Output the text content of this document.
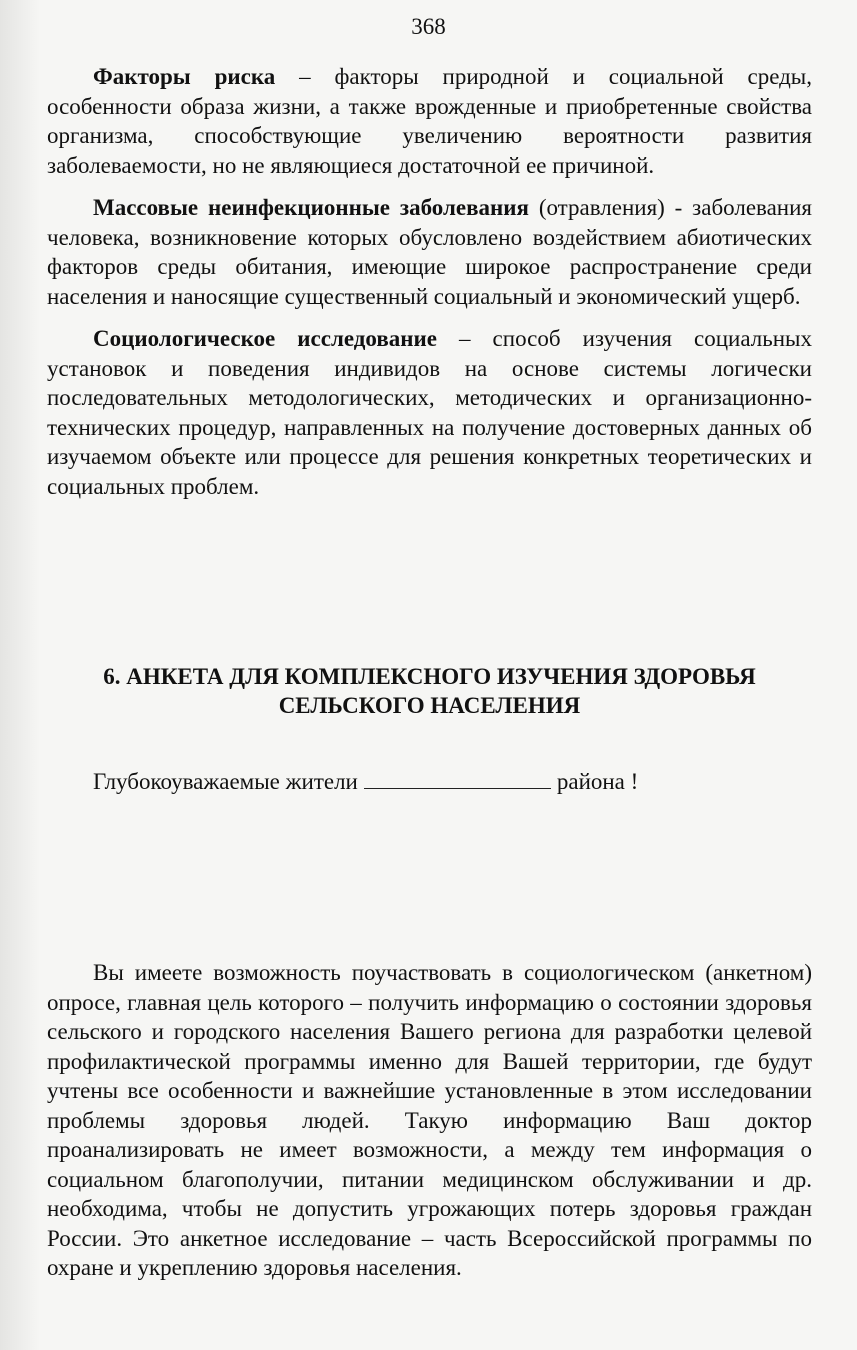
368

Факторы риска – факторы природной и социальной среды, особенности образа жизни, а также врожденные и приобретенные свойства организма, способствующие увеличению вероятности развития заболеваемости, но не являющиеся достаточной ее причиной.

Массовые неинфекционные заболевания (отравления) - заболевания человека, возникновение которых обусловлено воздействием абиотических факторов среды обитания, имеющие широкое распространение среди населения и наносящие существенный социальный и экономический ущерб.

Социологическое исследование – способ изучения социальных установок и поведения индивидов на основе системы логически последовательных методологических, методических и организационно-технических процедур, направленных на получение достоверных данных об изучаемом объекте или процессе для решения конкретных теоретических и социальных проблем.

6. АНКЕТА ДЛЯ КОМПЛЕКСНОГО ИЗУЧЕНИЯ ЗДОРОВЬЯ
СЕЛЬСКОГО НАСЕЛЕНИЯ
Глубокоуважаемые жители	района !

Вы имеете возможность поучаствовать в социологическом (анкетном) опросе, главная цель которого – получить информацию о состоянии здоровья сельского и городского населения Вашего региона для разработки целевой профилактической программы именно для Вашей территории, где будут учтены все особенности и важнейшие установленные в этом исследовании проблемы здоровья людей. Такую информацию Ваш доктор проанализировать не имеет возможности, а между тем информация о социальном благополучии, питании медицинском обслуживании и др. необходима, чтобы не допустить угрожающих потерь здоровья граждан России. Это анкетное исследование – часть Всероссийской программы по охране и укреплению здоровья населения.
